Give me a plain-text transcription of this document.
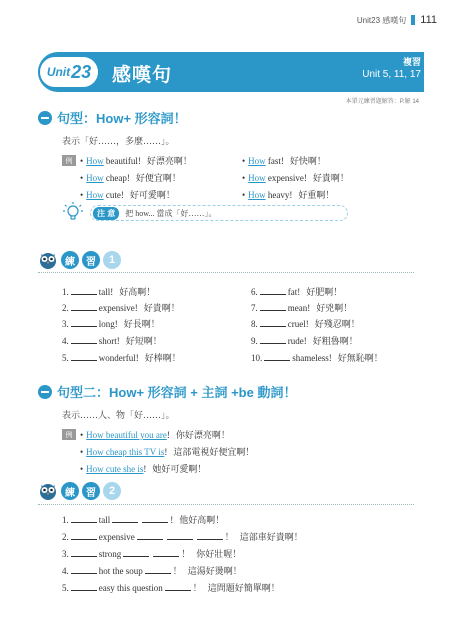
Unit23 感嘆句 111
Unit 23 感嘆句
複習
Unit 5, 11, 17
本單元練習題解答：P.解 14
句型：How+ 形容詞！
表示「好……，多麼……」。
例 • How beautiful! 好漂亮啊！	• How fast! 好快啊！
• How cheap! 好便宜啊！	• How expensive! 好貴啊！
• How cute! 好可愛啊！	• How heavy! 好重啊！
注 意	把 how... 當成「好……」。
練	習	1
1.	tall! 好高啊！	6.	fat! 好肥啊！
2.	expensive! 好貴啊！	7.	mean! 好兇啊！
3.	long! 好長啊！	8.	cruel! 好殘忍啊！
4.	short! 好短啊！	9.	rude! 好粗魯啊！
5.	wonderful! 好棒啊！	10.	shameless! 好無恥啊！
句型二：How+ 形容詞 + 主詞 +be 動詞！
表示……人、物「好……」。
例 • How beautiful you are! 你好漂亮啊！
• How cheap this TV is! 這部電視好便宜啊！
• How cute she is! 她好可愛啊！
練	習	2
1.	tall	! 他好高啊！
2.	expensive	！ 這部車好貴啊！
3.	strong	！ 你好壯喔！
4.	hot the soup	！ 這湯好燙啊！
5.	easy this question	！ 這問題好簡單啊！
